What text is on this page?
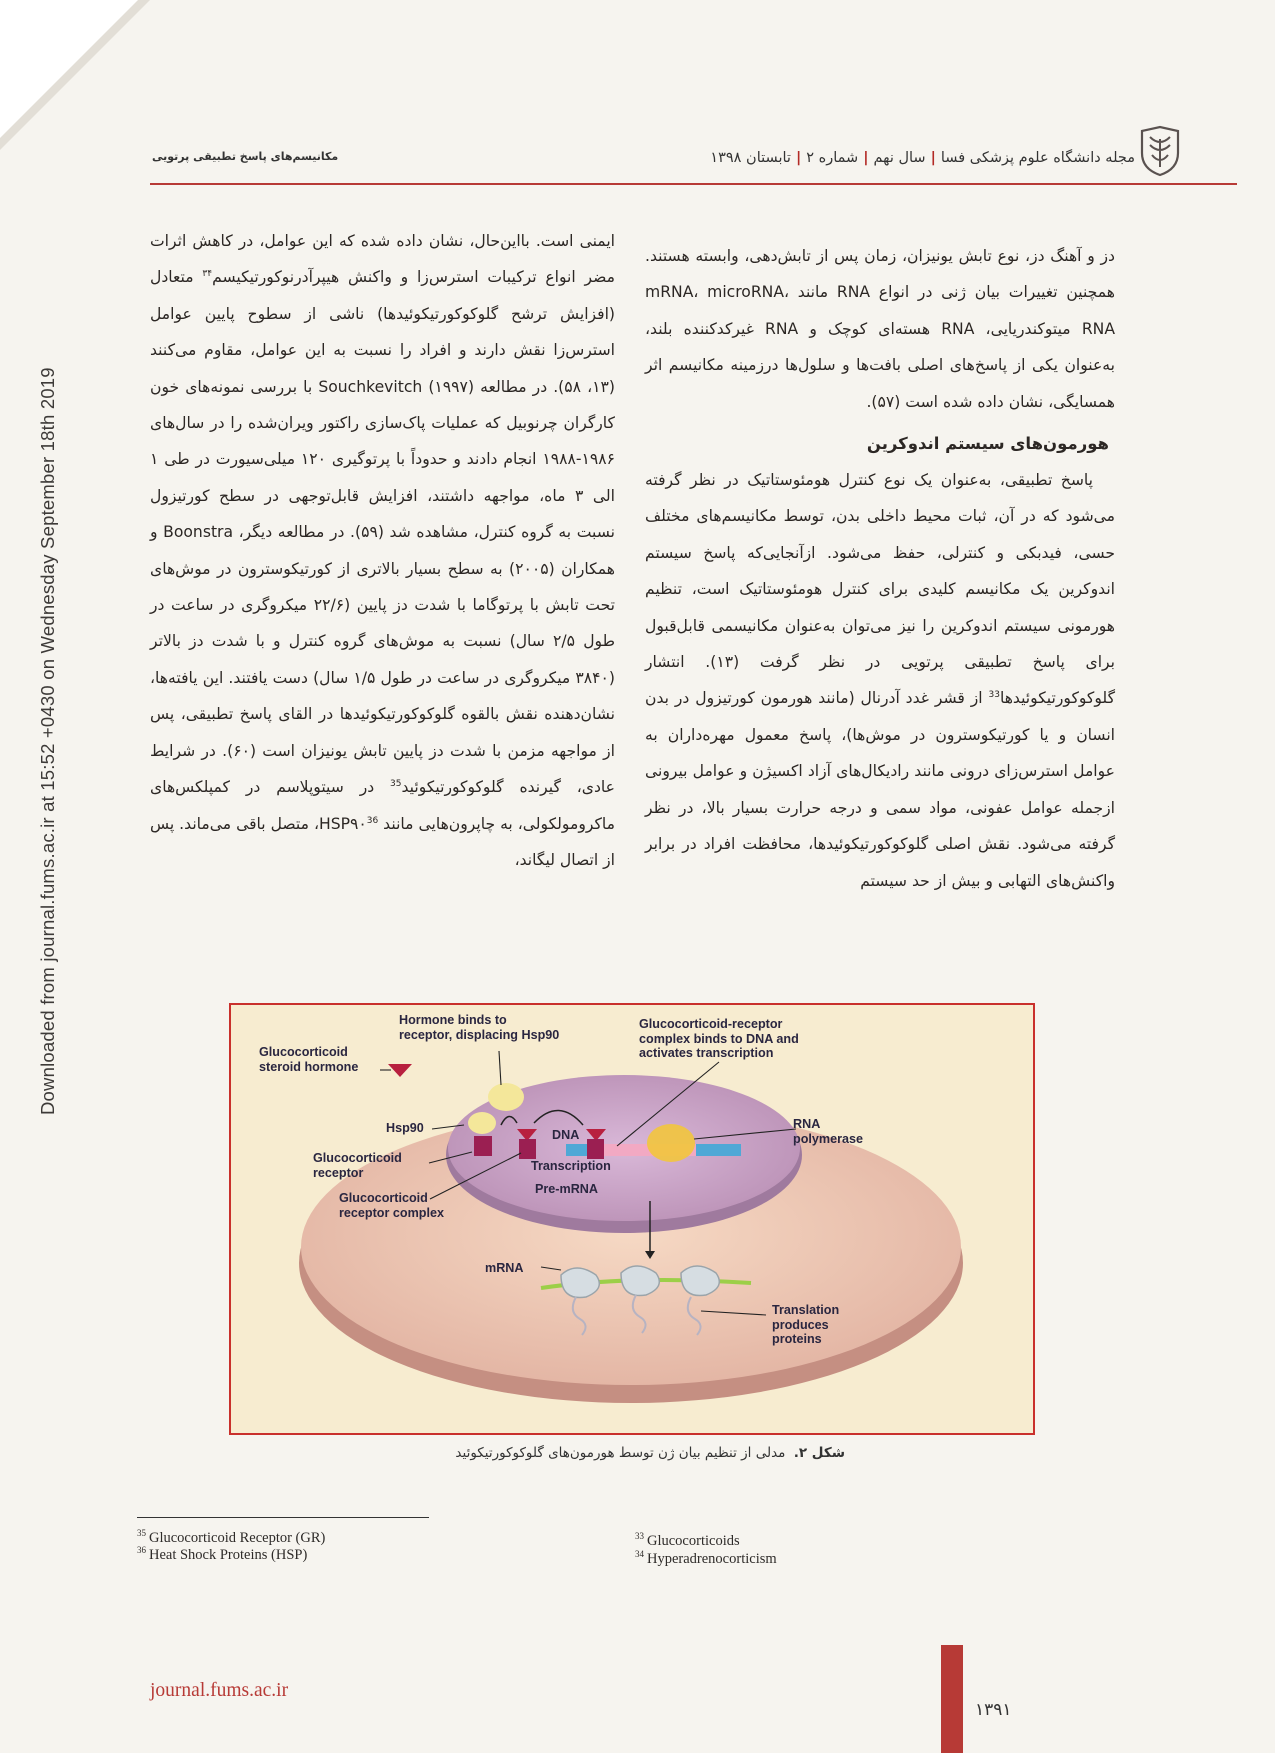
Downloaded from journal.fums.ac.ir at 15:52 +0430 on Wednesday September 18th 2019
مجله دانشگاه علوم پزشکی فسا|سال نهم|شماره ۲|تابستان ۱۳۹۸
مکانیسم‌های پاسخ تطبیقی پرتویی

دز و آهنگ دز، نوع تابش یونیزان، زمان پس از تابش‌دهی، وابسته هستند. همچنین تغییرات بیان ژنی در انواع RNA مانند mRNA، microRNA، RNA میتوکندریایی، RNA هسته‌ای کوچک و RNA غیرکدکننده بلند، به‌عنوان یکی از پاسخ‌های اصلی بافت‌ها و سلول‌ها درزمینه مکانیسم اثر همسایگی، نشان داده شده است (۵۷).

هورمون‌های سیستم اندوکرین

پاسخ تطبیقی، به‌عنوان یک نوع کنترل هومئوستاتیک در نظر گرفته می‌شود که در آن، ثبات محیط داخلی بدن، توسط مکانیسم‌های مختلف حسی، فیدبکی و کنترلی، حفظ می‌شود. ازآنجایی‌که پاسخ سیستم اندوکرین یک مکانیسم کلیدی برای کنترل هومئوستاتیک است، تنظیم هورمونی سیستم اندوکرین را نیز می‌توان به‌عنوان مکانیسمی قابل‌قبول برای پاسخ تطبیقی پرتویی در نظر گرفت (۱۳). انتشار گلوکوکورتیکوئیدها$^{33}$ از قشر غدد آدرنال (مانند هورمون کورتیزول در بدن انسان و یا کورتیکوسترون در موش‌ها)، پاسخ معمول مهره‌داران به عوامل استرس‌زای درونی مانند رادیکال‌های آزاد اکسیژن و عوامل بیرونی ازجمله عوامل عفونی، مواد سمی و درجه حرارت بسیار بالا، در نظر گرفته می‌شود. نقش اصلی گلوکوکورتیکوئیدها، محافظت افراد در برابر واکنش‌های التهابی و بیش از حد سیستم

ایمنی است. بااین‌حال، نشان داده شده که این عوامل، در کاهش اثرات مضر انواع ترکیبات استرس‌زا و واکنش هیپرآدرنوکورتیکیسم$^{۳۴}$ متعادل (افزایش ترشح گلوکوکورتیکوئیدها) ناشی از سطوح پایین عوامل استرس‌زا نقش دارند و افراد را نسبت به این عوامل، مقاوم می‌کنند (۱۳، ۵۸). در مطالعه Souchkevitch (۱۹۹۷) با بررسی نمونه‌های خون کارگران چرنوبیل که عملیات پاک‌سازی راکتور ویران‌شده را در سال‌های ۱۹۸۶-۱۹۸۸ انجام دادند و حدوداً با پرتوگیری ۱۲۰ میلی‌سیورت در طی ۱ الی ۳ ماه، مواجهه داشتند، افزایش قابل‌توجهی در سطح کورتیزول نسبت به گروه کنترل، مشاهده شد (۵۹). در مطالعه دیگر، Boonstra و همکاران (۲۰۰۵) به سطح بسیار بالاتری از کورتیکوسترون در موش‌های تحت تابش با پرتوگاما با شدت دز پایین (۲۲/۶ میکروگری در ساعت در طول ۲/۵ سال) نسبت به موش‌های گروه کنترل و با شدت دز بالاتر (۳۸۴۰ میکروگری در ساعت در طول ۱/۵ سال) دست یافتند. این یافته‌ها، نشان‌دهنده نقش بالقوه گلوکوکورتیکوئیدها در القای پاسخ تطبیقی، پس از مواجهه مزمن با شدت دز پایین تابش یونیزان است (۶۰). در شرایط عادی، گیرنده گلوکوکورتیکوئید$^{35}$ در سیتوپلاسم در کمپلکس‌های ماکرومولکولی، به چاپرون‌هایی مانند $HSP۹۰^{36}،$ متصل باقی می‌ماند. پس از اتصال لیگاند،

Hormone binds to
receptor, displacing Hsp90
Glucocorticoid
steroid hormone
Hsp90
Glucocorticoid
receptor
Glucocorticoid
receptor complex
Glucocorticoid-receptor
complex binds to DNA and
activates transcription
DNA
Transcription
Pre-mRNA
RNA
polymerase
mRNA
Translation
produces
proteins
شکل ۲. مدلی از تنظیم بیان ژن توسط هورمون‌های گلوکوکورتیکوئید
$^{35}$ Glucocorticoid Receptor (GR)
$^{36}$ Heat Shock Proteins (HSP)
$^{33}$ Glucocorticoids
$^{34}$ Hyperadrenocorticism
journal.fums.ac.ir
۱۳۹۱
